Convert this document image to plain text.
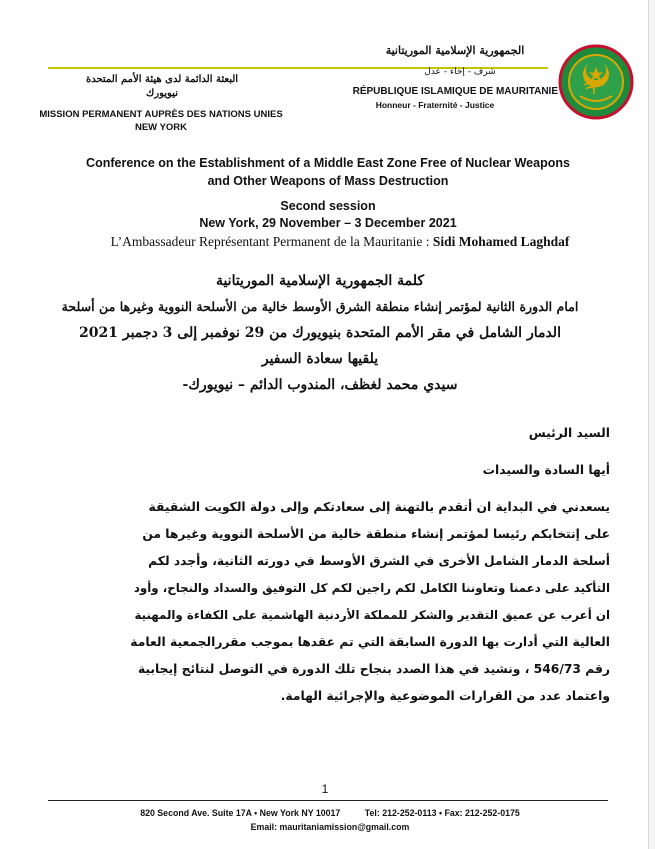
الجمهورية الإسلامية الموريتانية
شرف - إخاء - عدل
RÉPUBLIQUE ISLAMIQUE DE MAURITANIE
Honneur - Fraternité - Justice
البعثة الدائمة لدى هيئة الأمم المتحدة
نيويورك
MISSION PERMANENT AUPRÈS DES NATIONS UNIES
NEW YORK
Conference on the Establishment of a Middle East Zone Free of Nuclear Weapons
and Other Weapons of Mass Destruction
Second session
New York, 29 November – 3 December 2021
L’Ambassadeur Représentant Permanent de la Mauritanie : Sidi Mohamed Laghdaf
كلمة الجمهورية الإسلامية الموريتانية
امام الدورة الثانية لمؤتمر إنشاء منطقة الشرق الأوسط خالية من الأسلحة النووية وغيرها من أسلحة
الدمار الشامل في مقر الأمم المتحدة بنيويورك من 29 نوفمبر إلى 3 دجمبر 2021
يلقيها سعادة السفير
سيدي محمد لغظف، المندوب الدائم – نيويورك-
السيد الرئيس
أيها السادة والسيدات
يسعدني في البداية ان أتقدم بالتهنة إلى سعادتكم وإلى دولة الكويت الشقيقة
على إنتخابكم رئيسا لمؤتمر إنشاء منطقة خالية من الأسلحة النووية وغيرها من
أسلحة الدمار الشامل الأخرى في الشرق الأوسط في دورته الثانية، وأجدد لكم
التأكيد على دعمنا وتعاوننا الكامل لكم راجين لكم كل التوفيق والسداد والنجاح، وأود
ان أعرب عن عميق التقدير والشكر للمملكة الأردنية الهاشمية على الكفاءة والمهنية
العالية التي أدارت بها الدورة السابقة التي تم عقدها بموجب مقررالجمعية العامة
رقم 546/73 ، ونشيد في هذا الصدد بنجاح تلك الدورة في التوصل لنتائج إيجابية
واعتماد عدد من القرارات الموضوعية والإجرائية الهامة.
1
820 Second Ave. Suite 17A • New York NY 10017	Tel: 212-252-0113 • Fax: 212-252-0175
Email: mauritaniamission@gmail.com
